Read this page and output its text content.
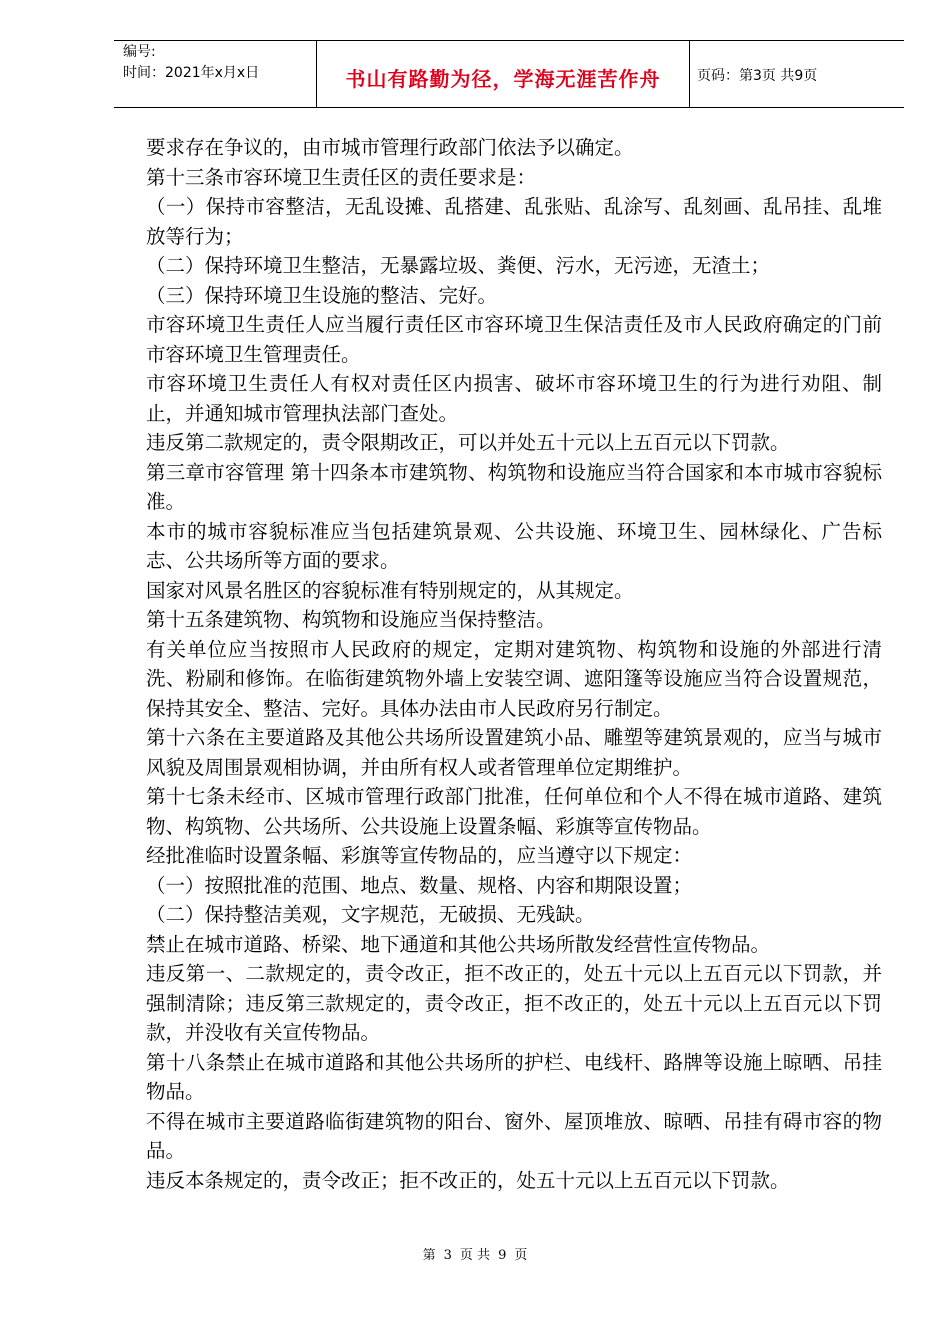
编号:
时间：2021年x月x日	书山有路勤为径，学海无涯苦作舟	页码：第3页 共9页

要求存在争议的，由市城市管理行政部门依法予以确定。

第十三条市容环境卫生责任区的责任要求是：

（一）保持市容整洁，无乱设摊、乱搭建、乱张贴、乱涂写、乱刻画、乱吊挂、乱堆放等行为；

（二）保持环境卫生整洁，无暴露垃圾、粪便、污水，无污迹，无渣土；

（三）保持环境卫生设施的整洁、完好。

市容环境卫生责任人应当履行责任区市容环境卫生保洁责任及市人民政府确定的门前市容环境卫生管理责任。

市容环境卫生责任人有权对责任区内损害、破坏市容环境卫生的行为进行劝阻、制止，并通知城市管理执法部门查处。

违反第二款规定的，责令限期改正，可以并处五十元以上五百元以下罚款。

第三章市容管理 第十四条本市建筑物、构筑物和设施应当符合国家和本市城市容貌标准。

本市的城市容貌标准应当包括建筑景观、公共设施、环境卫生、园林绿化、广告标志、公共场所等方面的要求。

国家对风景名胜区的容貌标准有特别规定的，从其规定。

第十五条建筑物、构筑物和设施应当保持整洁。

有关单位应当按照市人民政府的规定，定期对建筑物、构筑物和设施的外部进行清洗、粉刷和修饰。在临街建筑物外墙上安装空调、遮阳篷等设施应当符合设置规范，保持其安全、整洁、完好。具体办法由市人民政府另行制定。

第十六条在主要道路及其他公共场所设置建筑小品、雕塑等建筑景观的，应当与城市风貌及周围景观相协调，并由所有权人或者管理单位定期维护。

第十七条未经市、区城市管理行政部门批准，任何单位和个人不得在城市道路、建筑物、构筑物、公共场所、公共设施上设置条幅、彩旗等宣传物品。

经批准临时设置条幅、彩旗等宣传物品的，应当遵守以下规定：

（一）按照批准的范围、地点、数量、规格、内容和期限设置；

（二）保持整洁美观，文字规范，无破损、无残缺。

禁止在城市道路、桥梁、地下通道和其他公共场所散发经营性宣传物品。

违反第一、二款规定的，责令改正，拒不改正的，处五十元以上五百元以下罚款，并强制清除；违反第三款规定的，责令改正，拒不改正的，处五十元以上五百元以下罚款，并没收有关宣传物品。

第十八条禁止在城市道路和其他公共场所的护栏、电线杆、路牌等设施上晾晒、吊挂物品。

不得在城市主要道路临街建筑物的阳台、窗外、屋顶堆放、晾晒、吊挂有碍市容的物品。

违反本条规定的，责令改正；拒不改正的，处五十元以上五百元以下罚款。

第 3 页 共 9 页
